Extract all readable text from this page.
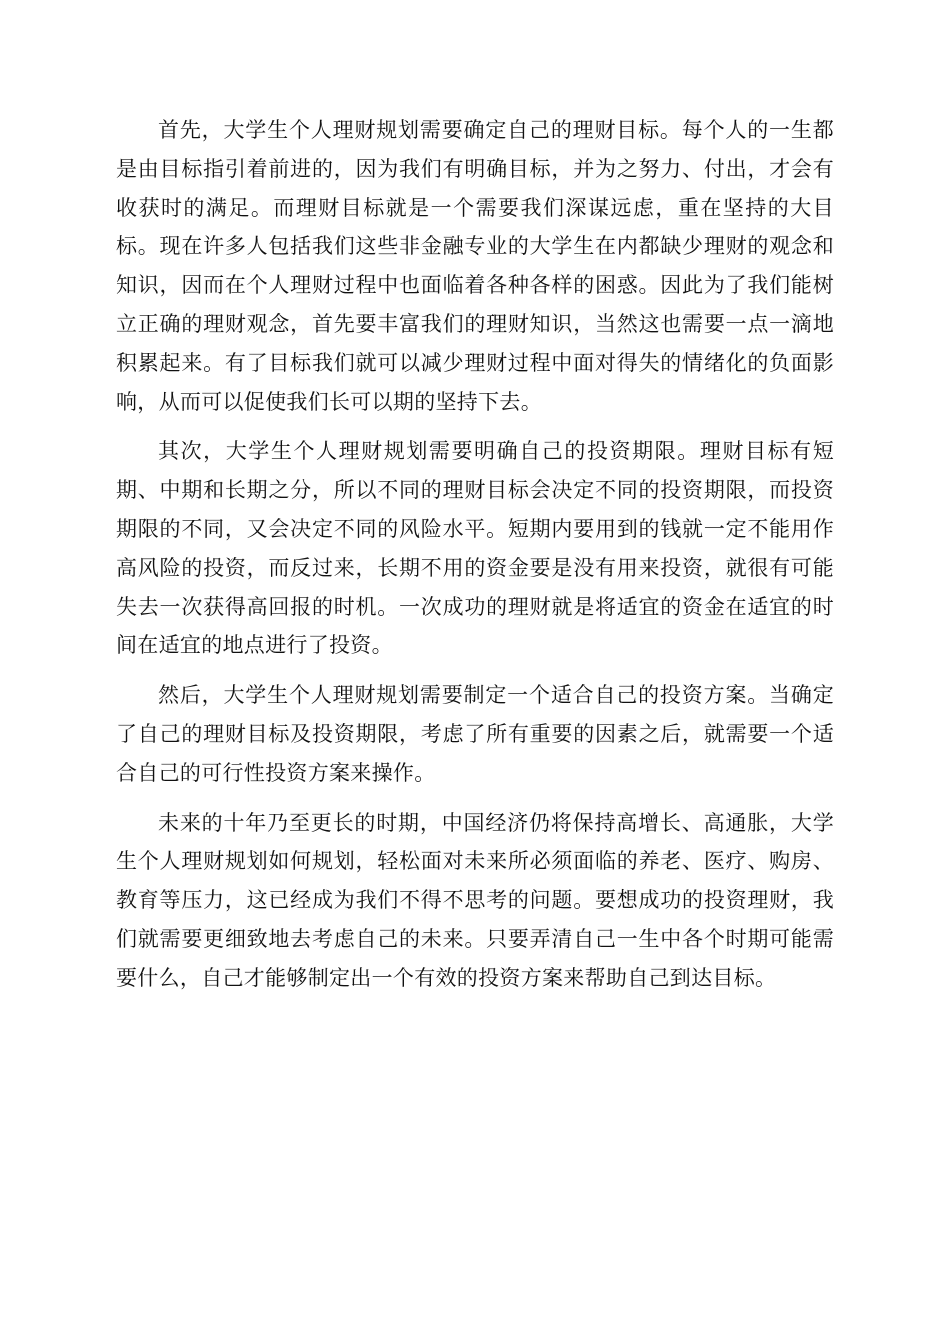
首先，大学生个人理财规划需要确定自己的理财目标。每个人的一生都是由目标指引着前进的，因为我们有明确目标，并为之努力、付出，才会有收获时的满足。而理财目标就是一个需要我们深谋远虑，重在坚持的大目标。现在许多人包括我们这些非金融专业的大学生在内都缺少理财的观念和知识，因而在个人理财过程中也面临着各种各样的困惑。因此为了我们能树立正确的理财观念，首先要丰富我们的理财知识，当然这也需要一点一滴地积累起来。有了目标我们就可以减少理财过程中面对得失的情绪化的负面影响，从而可以促使我们长可以期的坚持下去。

其次，大学生个人理财规划需要明确自己的投资期限。理财目标有短期、中期和长期之分，所以不同的理财目标会决定不同的投资期限，而投资期限的不同，又会决定不同的风险水平。短期内要用到的钱就一定不能用作高风险的投资，而反过来，长期不用的资金要是没有用来投资，就很有可能失去一次获得高回报的时机。一次成功的理财就是将适宜的资金在适宜的时间在适宜的地点进行了投资。

然后，大学生个人理财规划需要制定一个适合自己的投资方案。当确定了自己的理财目标及投资期限，考虑了所有重要的因素之后，就需要一个适合自己的可行性投资方案来操作。

未来的十年乃至更长的时期，中国经济仍将保持高增长、高通胀，大学生个人理财规划如何规划，轻松面对未来所必须面临的养老、医疗、购房、教育等压力，这已经成为我们不得不思考的问题。要想成功的投资理财，我们就需要更细致地去考虑自己的未来。只要弄清自己一生中各个时期可能需要什么，自己才能够制定出一个有效的投资方案来帮助自己到达目标。
